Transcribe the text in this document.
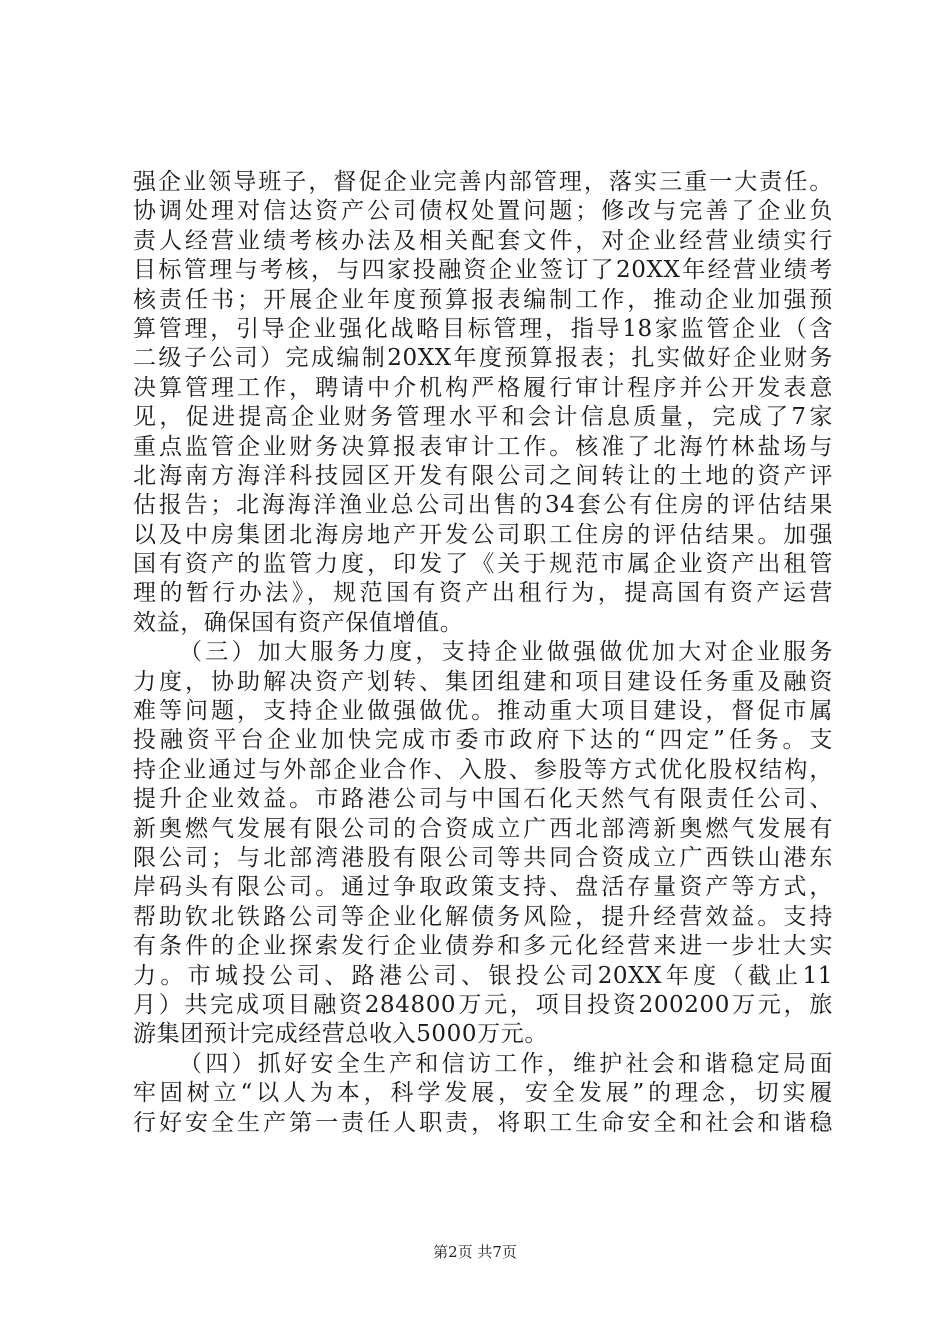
强企业领导班子，督促企业完善内部管理，落实三重一大责任。
协调处理对信达资产公司债权处置问题；修改与完善了企业负
责人经营业绩考核办法及相关配套文件，对企业经营业绩实行
目标管理与考核，与四家投融资企业签订了20XX年经营业绩考
核责任书；开展企业年度预算报表编制工作，推动企业加强预
算管理，引导企业强化战略目标管理，指导18家监管企业（含
二级子公司）完成编制20XX年度预算报表；扎实做好企业财务
决算管理工作，聘请中介机构严格履行审计程序并公开发表意
见，促进提高企业财务管理水平和会计信息质量，完成了7家
重点监管企业财务决算报表审计工作。核准了北海竹林盐场与
北海南方海洋科技园区开发有限公司之间转让的土地的资产评
估报告；北海海洋渔业总公司出售的34套公有住房的评估结果
以及中房集团北海房地产开发公司职工住房的评估结果。加强
国有资产的监管力度，印发了《关于规范市属企业资产出租管
理的暂行办法》，规范国有资产出租行为，提高国有资产运营
效益，确保国有资产保值增值。
（三）加大服务力度，支持企业做强做优加大对企业服务
力度，协助解决资产划转、集团组建和项目建设任务重及融资
难等问题，支持企业做强做优。推动重大项目建设，督促市属
投融资平台企业加快完成市委市政府下达的“四定”任务。支
持企业通过与外部企业合作、入股、参股等方式优化股权结构，
提升企业效益。市路港公司与中国石化天然气有限责任公司、
新奥燃气发展有限公司的合资成立广西北部湾新奥燃气发展有
限公司；与北部湾港股有限公司等共同合资成立广西铁山港东
岸码头有限公司。通过争取政策支持、盘活存量资产等方式，
帮助钦北铁路公司等企业化解债务风险，提升经营效益。支持
有条件的企业探索发行企业债券和多元化经营来进一步壮大实
力。市城投公司、路港公司、银投公司20XX年度（截止11
月）共完成项目融资284800万元，项目投资200200万元，旅
游集团预计完成经营总收入5000万元。
（四）抓好安全生产和信访工作，维护社会和谐稳定局面
牢固树立“以人为本，科学发展，安全发展”的理念，切实履
行好安全生产第一责任人职责，将职工生命安全和社会和谐稳
第2页 共7页
